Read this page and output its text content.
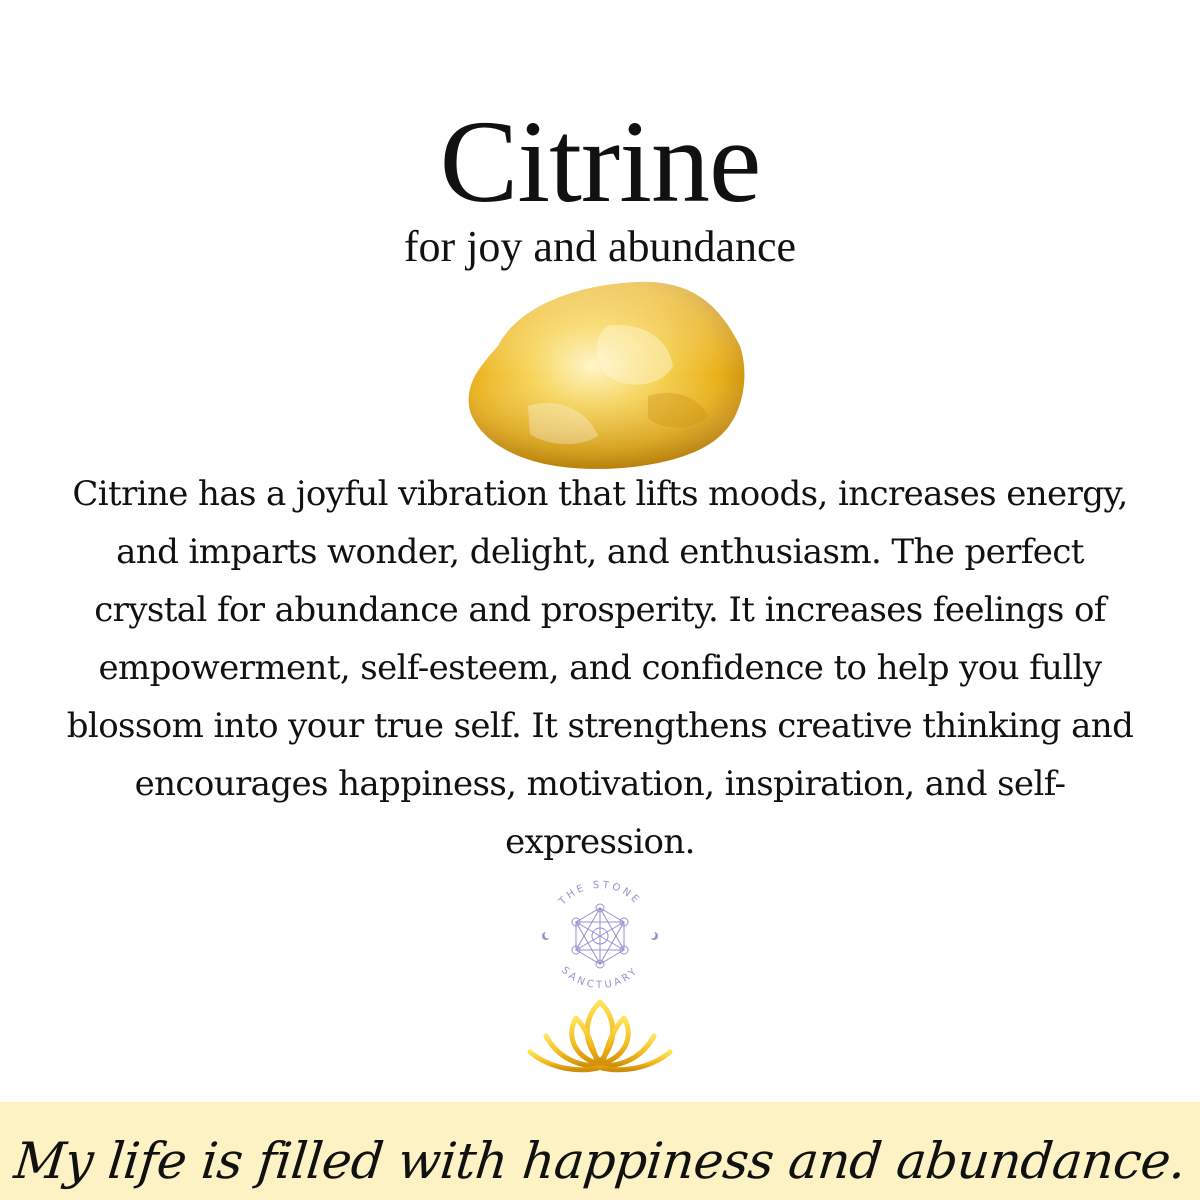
Citrine
for joy and abundance

Citrine has a joyful vibration that lifts moods, increases energy, and imparts wonder, delight, and enthusiasm. The perfect crystal for abundance and prosperity. It increases feelings of empowerment, self-esteem, and confidence to help you fully blossom into your true self. It strengthens creative thinking and encourages happiness, motivation, inspiration, and self-expression.

THE STONE
SANCTUARY
My life is filled with happiness and abundance.
